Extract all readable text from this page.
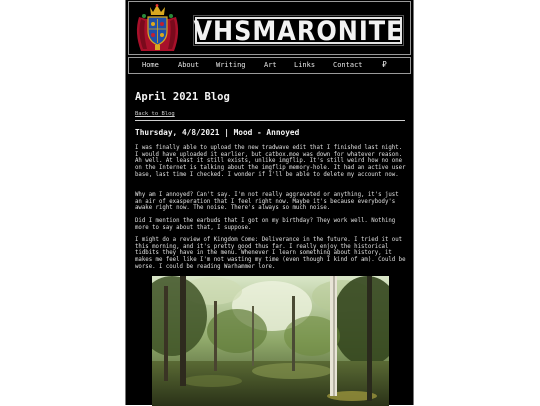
VHSMARONITE
Home	About Writing	Art Links	Contact ₽
April 2021 Blog
Back to Blog
Thursday, 4/8/2021 | Mood - Annoyed

I was finally able to upload the new tradwave edit that I finished last night. I would have uploaded it earlier, but catbox.moe was down for whatever reason. Ah well. At least it still exists, unlike imgflip. It's still weird how no one on the Internet is talking about the imgflip memory-hole. It had an active user base, last time I checked. I wonder if I'll be able to delete my account now.

Why am I annoyed? Can't say. I'm not really aggravated or anything, it's just an air of exasperation that I feel right now. Maybe it's because everybody's awake right now. The noise. There's always so much noise.

Did I mention the earbuds that I got on my birthday? They work well. Nothing more to say about that, I suppose.

I might do a review of Kingdom Come: Deliverance in the future. I tried it out this morning, and it's pretty good thus far. I really enjoy the historical tidbits they have in the menu. Whenever I learn something about history, it makes me feel like I'm not wasting my time (even though I kind of am). Could be worse. I could be reading Warhammer lore.
